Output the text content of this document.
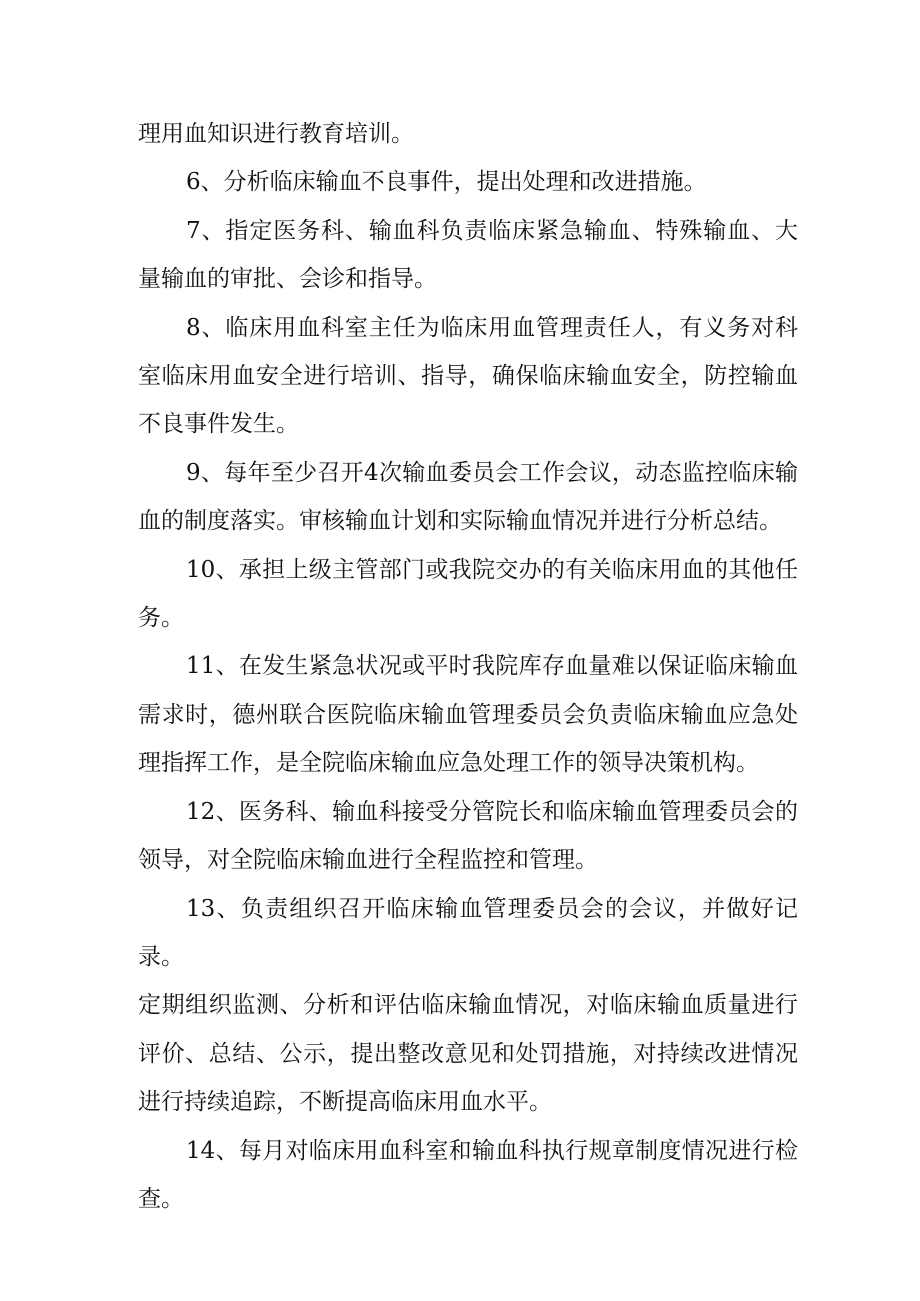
理用血知识进行教育培训。

6、分析临床输血不良事件，提出处理和改进措施。

7、指定医务科、输血科负责临床紧急输血、特殊输血、大量输血的审批、会诊和指导。

8、临床用血科室主任为临床用血管理责任人，有义务对科室临床用血安全进行培训、指导，确保临床输血安全，防控输血不良事件发生。

9、每年至少召开4次输血委员会工作会议，动态监控临床输血的制度落实。审核输血计划和实际输血情况并进行分析总结。

10、承担上级主管部门或我院交办的有关临床用血的其他任务。

11、在发生紧急状况或平时我院库存血量难以保证临床输血需求时，德州联合医院临床输血管理委员会负责临床输血应急处理指挥工作，是全院临床输血应急处理工作的领导决策机构。

12、医务科、输血科接受分管院长和临床输血管理委员会的领导，对全院临床输血进行全程监控和管理。

13、负责组织召开临床输血管理委员会的会议，并做好记录。

定期组织监测、分析和评估临床输血情况，对临床输血质量进行评价、总结、公示，提出整改意见和处罚措施，对持续改进情况进行持续追踪，不断提高临床用血水平。

14、每月对临床用血科室和输血科执行规章制度情况进行检查。
